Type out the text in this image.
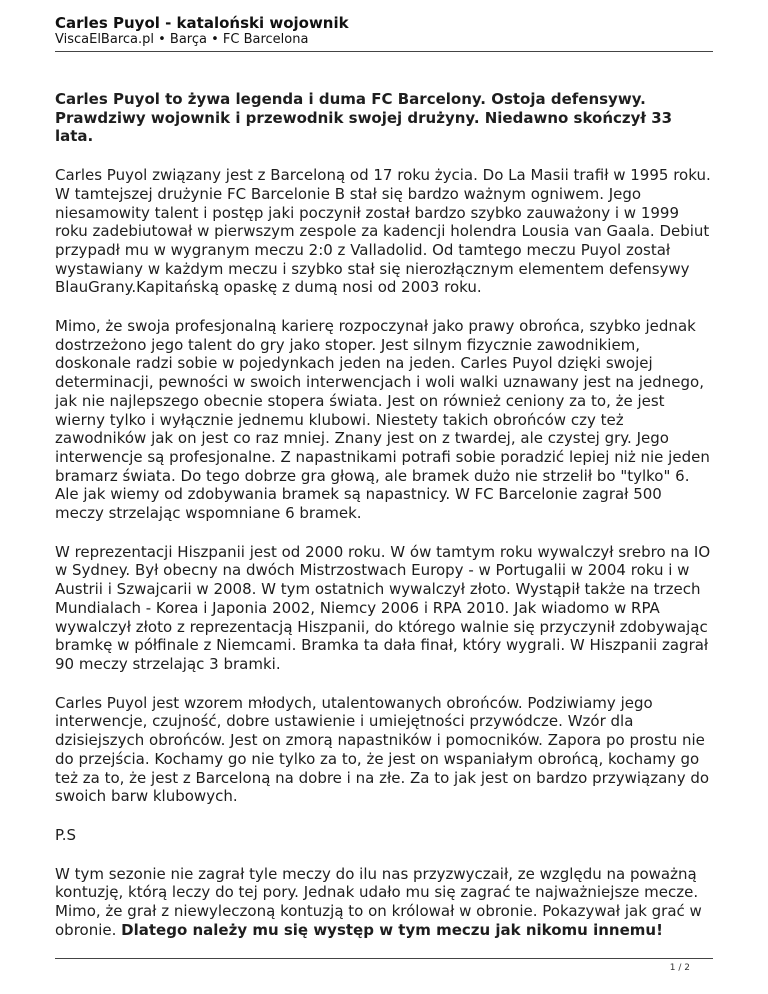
Carles Puyol - kataloński wojownik
ViscaElBarca.pl • Barça • FC Barcelona

Carles Puyol to żywa legenda i duma FC Barcelony. Ostoja defensywy. Prawdziwy wojownik i przewodnik swojej drużyny. Niedawno skończył 33 lata.

Carles Puyol związany jest z Barceloną od 17 roku życia. Do La Masii trafił w 1995 roku. W tamtejszej drużynie FC Barcelonie B stał się bardzo ważnym ogniwem. Jego niesamowity talent i postęp jaki poczynił został bardzo szybko zauważony i w 1999 roku zadebiutował w pierwszym zespole za kadencji holendra Lousia van Gaala. Debiut przypadł mu w wygranym meczu 2:0 z Valladolid. Od tamtego meczu Puyol został wystawiany w każdym meczu i szybko stał się nierozłącznym elementem defensywy BlauGrany.Kapitańską opaskę z dumą nosi od 2003 roku.

Mimo, że swoja profesjonalną karierę rozpoczynał jako prawy obrońca, szybko jednak dostrzeżono jego talent do gry jako stoper. Jest silnym fizycznie zawodnikiem, doskonale radzi sobie w pojedynkach jeden na jeden. Carles Puyol dzięki swojej determinacji, pewności w swoich interwencjach i woli walki uznawany jest na jednego, jak nie najlepszego obecnie stopera świata. Jest on również ceniony za to, że jest wierny tylko i wyłącznie jednemu klubowi. Niestety takich obrońców czy też zawodników jak on jest co raz mniej. Znany jest on z twardej, ale czystej gry. Jego interwencje są profesjonalne. Z napastnikami potrafi sobie poradzić lepiej niż nie jeden bramarz świata. Do tego dobrze gra głową, ale bramek dużo nie strzelił bo "tylko" 6. Ale jak wiemy od zdobywania bramek są napastnicy. W FC Barcelonie zagrał 500 meczy strzelając wspomniane 6 bramek.

W reprezentacji Hiszpanii jest od 2000 roku. W ów tamtym roku wywalczył srebro na IO w Sydney. Był obecny na dwóch Mistrzostwach Europy - w Portugalii w 2004 roku i w Austrii i Szwajcarii w 2008. W tym ostatnich wywalczył złoto. Wystąpił także na trzech Mundialach - Korea i Japonia 2002, Niemcy 2006 i RPA 2010. Jak wiadomo w RPA wywalczył złoto z reprezentacją Hiszpanii, do którego walnie się przyczynił zdobywając bramkę w półfinale z Niemcami. Bramka ta dała finał, który wygrali. W Hiszpanii zagrał 90 meczy strzelając 3 bramki.

Carles Puyol jest wzorem młodych, utalentowanych obrońców. Podziwiamy jego interwencje, czujność, dobre ustawienie i umiejętności przywódcze. Wzór dla dzisiejszych obrońców. Jest on zmorą napastników i pomocników. Zapora po prostu nie do przejścia. Kochamy go nie tylko za to, że jest on wspaniałym obrońcą, kochamy go też za to, że jest z Barceloną na dobre i na złe. Za to jak jest on bardzo przywiązany do swoich barw klubowych.

P.S

W tym sezonie nie zagrał tyle meczy do ilu nas przyzwyczaił, ze względu na poważną kontuzję, którą leczy do tej pory. Jednak udało mu się zagrać te najważniejsze mecze. Mimo, że grał z niewyleczoną kontuzją to on królował w obronie. Pokazywał jak grać w obronie. Dlatego należy mu się występ w tym meczu jak nikomu innemu!

1 / 2
